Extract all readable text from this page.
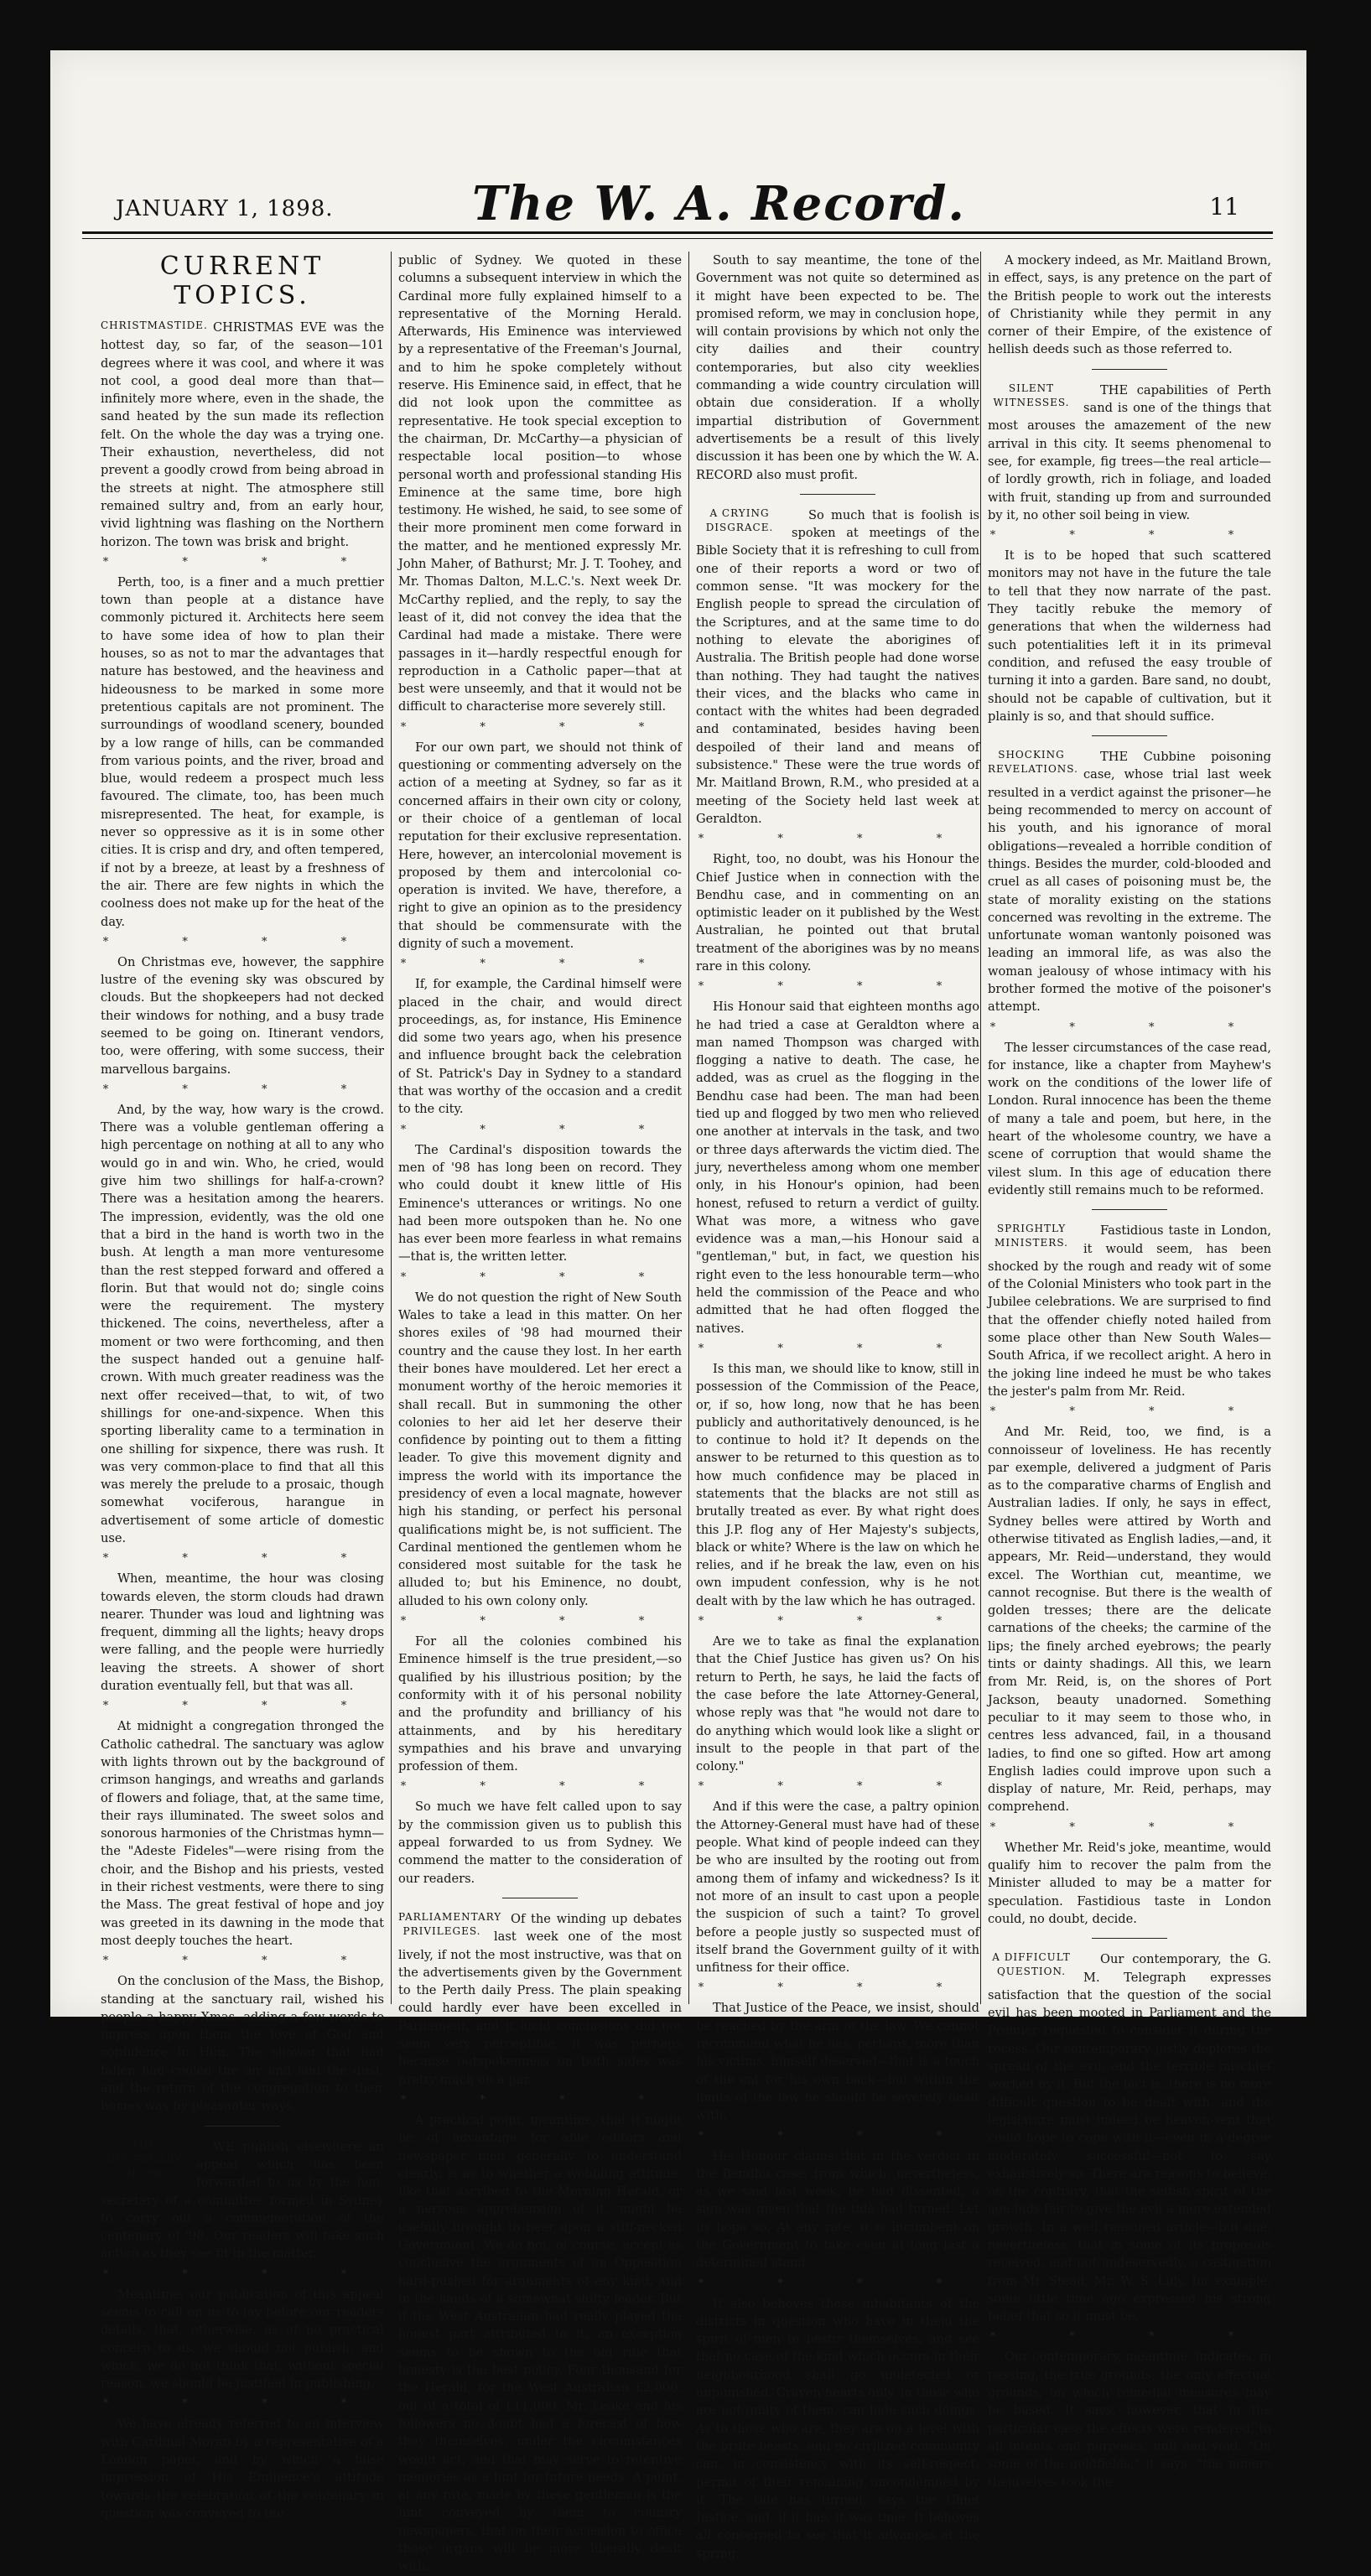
JANUARY 1, 1898.	The W. A. Record.	11
CURRENT TOPICS.
CHRISTMASTIDE. CHRISTMAS EVE was the hottest day, so far, of the season—101 degrees where it was cool, and where it was not cool, a good deal more than that—infinitely more where, even in the shade, the sand heated by the sun made its reflection felt. On the whole the day was a trying one. Their exhaustion, nevertheless, did not prevent a goodly crowd from being abroad in the streets at night. The atmosphere still remained sultry and, from an early hour, vivid lightning was flashing on the Northern horizon. The town was brisk and bright.

* * * *

Perth, too, is a finer and a much prettier town than people at a distance have commonly pictured it. Architects here seem to have some idea of how to plan their houses, so as not to mar the advantages that nature has bestowed, and the heaviness and hideousness to be marked in some more pretentious capitals are not prominent. The surroundings of woodland scenery, bounded by a low range of hills, can be commanded from various points, and the river, broad and blue, would redeem a prospect much less favoured. The climate, too, has been much misrepresented. The heat, for example, is never so oppressive as it is in some other cities. It is crisp and dry, and often tempered, if not by a breeze, at least by a freshness of the air. There are few nights in which the coolness does not make up for the heat of the day.

* * * *

On Christmas eve, however, the sapphire lustre of the evening sky was obscured by clouds. But the shopkeepers had not decked their windows for nothing, and a busy trade seemed to be going on. Itinerant vendors, too, were offering, with some success, their marvellous bargains.

* * * *

And, by the way, how wary is the crowd. There was a voluble gentleman offering a high percentage on nothing at all to any who would go in and win. Who, he cried, would give him two shillings for half-a-crown? There was a hesitation among the hearers. The impression, evidently, was the old one that a bird in the hand is worth two in the bush. At length a man more venturesome than the rest stepped forward and offered a florin. But that would not do; single coins were the requirement. The mystery thickened. The coins, nevertheless, after a moment or two were forthcoming, and then the suspect handed out a genuine half-crown. With much greater readiness was the next offer received—that, to wit, of two shillings for one-and-sixpence. When this sporting liberality came to a termination in one shilling for sixpence, there was rush. It was very common-place to find that all this was merely the prelude to a prosaic, though somewhat vociferous, harangue in advertisement of some article of domestic use.

* * * *

When, meantime, the hour was closing towards eleven, the storm clouds had drawn nearer. Thunder was loud and lightning was frequent, dimming all the lights; heavy drops were falling, and the people were hurriedly leaving the streets. A shower of short duration eventually fell, but that was all.

* * * *

At midnight a congregation thronged the Catholic cathedral. The sanctuary was aglow with lights thrown out by the background of crimson hangings, and wreaths and garlands of flowers and foliage, that, at the same time, their rays illuminated. The sweet solos and sonorous harmonies of the Christmas hymn—the "Adeste Fideles"—were rising from the choir, and the Bishop and his priests, vested in their richest vestments, were there to sing the Mass. The great festival of hope and joy was greeted in its dawning in the mode that most deeply touches the heart.

* * * *

On the conclusion of the Mass, the Bishop, standing at the sanctuary rail, wished his people a happy Xmas, adding a few words to impress upon them the love of God and confidence in Him. The shower that had fallen had cooled the air and laid the dust, and the return of the congregation to their homes was by pleasanter ways.

THE CENTENARY OF '98.

WE publish elsewhere an appeal which has been forwarded to us by the hon. secretary of a committee formed in Sydney to carry out a commemoration of the centenary of '98. Our readers will take such action as they see fit in the matter.

* * * *

Meantime, our publication of this appeal seems to call on us to lay before our readers details, that, otherwise, as of no practical concern to us, we should not publish, and which, we do not think that, without special reason, we should be justified in publishing.

* * * *

We have already referred to an interview with Cardinal Moran by a representative of a London paper, and by which a false impression of His Eminence's attitude towards the celebration of the centenary in question was conveyed to the

public of Sydney. We quoted in these columns a subsequent interview in which the Cardinal more fully explained himself to a representative of the Morning Herald. Afterwards, His Eminence was interviewed by a representative of the Freeman's Journal, and to him he spoke completely without reserve. His Eminence said, in effect, that he did not look upon the committee as representative. He took special exception to the chairman, Dr. McCarthy—a physician of respectable local position—to whose personal worth and professional standing His Eminence at the same time, bore high testimony. He wished, he said, to see some of their more prominent men come forward in the matter, and he mentioned expressly Mr. John Maher, of Bathurst; Mr. J. T. Toohey, and Mr. Thomas Dalton, M.L.C.'s. Next week Dr. McCarthy replied, and the reply, to say the least of it, did not convey the idea that the Cardinal had made a mistake. There were passages in it—hardly respectful enough for reproduction in a Catholic paper—that at best were unseemly, and that it would not be difficult to characterise more severely still.

* * * *

For our own part, we should not think of questioning or commenting adversely on the action of a meeting at Sydney, so far as it concerned affairs in their own city or colony, or their choice of a gentleman of local reputation for their exclusive representation. Here, however, an intercolonial movement is proposed by them and intercolonial co-operation is invited. We have, therefore, a right to give an opinion as to the presidency that should be commensurate with the dignity of such a movement.

* * * *

If, for example, the Cardinal himself were placed in the chair, and would direct proceedings, as, for instance, His Eminence did some two years ago, when his presence and influence brought back the celebration of St. Patrick's Day in Sydney to a standard that was worthy of the occasion and a credit to the city.

* * * *

The Cardinal's disposition towards the men of '98 has long been on record. They who could doubt it knew little of His Eminence's utterances or writings. No one had been more outspoken than he. No one has ever been more fearless in what remains—that is, the written letter.

* * * *

We do not question the right of New South Wales to take a lead in this matter. On her shores exiles of '98 had mourned their country and the cause they lost. In her earth their bones have mouldered. Let her erect a monument worthy of the heroic memories it shall recall. But in summoning the other colonies to her aid let her deserve their confidence by pointing out to them a fitting leader. To give this movement dignity and impress the world with its importance the presidency of even a local magnate, however high his standing, or perfect his personal qualifications might be, is not sufficient. The Cardinal mentioned the gentlemen whom he considered most suitable for the task he alluded to; but his Eminence, no doubt, alluded to his own colony only.

* * * *

For all the colonies combined his Eminence himself is the true president,—so qualified by his illustrious position; by the conformity with it of his personal nobility and the profundity and brilliancy of his attainments, and by his hereditary sympathies and his brave and unvarying profession of them.

* * * *

So much we have felt called upon to say by the commission given us to publish this appeal forwarded to us from Sydney. We commend the matter to the consideration of our readers.

PARLIAMENTARY PRIVILEGES.

Of the winding up debates last week one of the most lively, if not the most instructive, was that on the advertisements given by the Government to the Perth daily Press. The plain speaking could hardly ever have been excelled in Parliament, and if lucid conclusions did not seem very perceptible, it was perhaps because outspokenness on both sides was pretty much on a par.

* * * *

A practical point, meantime, that it might be of advantage for able editors and newspaper men generally to understand clearly, is as to whether a wobbling attitude, like that ascribed to the Morning Herald, or a nervous apprehension of it, might be usefully brought to bear upon a stiff-necked Government. We do not, of course, accept as conclusive the arguments of an Opposition hard-pushed for arguments of any kind, and in the hands of a somewhat shifty leader. But if the West Australian had really played the honest part attributed to it, an exception seems to be shown to the old rule that honesty is the best policy. Four thousand for the Herald; for the West Australian £2,000, out of a total of £11,000. Mr. Leake and his followers no doubt had a forecast of how they themselves, under the circumstances would act, and that may serve to retentive memories as a hint for future needs. A point, at any rate, made by these gentleman is the hint conveyed by them to country newspapers, that on their accession to office those organs will be more liberally dealt with.

South to say meantime, the tone of the Government was not quite so determined as it might have been expected to be. The promised reform, we may in conclusion hope, will contain provisions by which not only the city dailies and their country contemporaries, but also city weeklies commanding a wide country circulation will obtain due consideration. If a wholly impartial distribution of Government advertisements be a result of this lively discussion it has been one by which the W. A. RECORD also must profit.

A CRYING DISGRACE.

So much that is foolish is spoken at meetings of the Bible Society that it is refreshing to cull from one of their reports a word or two of common sense. "It was mockery for the English people to spread the circulation of the Scriptures, and at the same time to do nothing to elevate the aborigines of Australia. The British people had done worse than nothing. They had taught the natives their vices, and the blacks who came in contact with the whites had been degraded and contaminated, besides having been despoiled of their land and means of subsistence." These were the true words of Mr. Maitland Brown, R.M., who presided at a meeting of the Society held last week at Geraldton.

* * * *

Right, too, no doubt, was his Honour the Chief Justice when in connection with the Bendhu case, and in commenting on an optimistic leader on it published by the West Australian, he pointed out that brutal treatment of the aborigines was by no means rare in this colony.

* * * *

His Honour said that eighteen months ago he had tried a case at Geraldton where a man named Thompson was charged with flogging a native to death. The case, he added, was as cruel as the flogging in the Bendhu case had been. The man had been tied up and flogged by two men who relieved one another at intervals in the task, and two or three days afterwards the victim died. The jury, nevertheless among whom one member only, in his Honour's opinion, had been honest, refused to return a verdict of guilty. What was more, a witness who gave evidence was a man,—his Honour said a "gentleman," but, in fact, we question his right even to the less honourable term—who held the commission of the Peace and who admitted that he had often flogged the natives.

* * * *

Is this man, we should like to know, still in possession of the Commission of the Peace, or, if so, how long, now that he has been publicly and authoritatively denounced, is he to continue to hold it? It depends on the answer to be returned to this question as to how much confidence may be placed in statements that the blacks are not still as brutally treated as ever. By what right does this J.P. flog any of Her Majesty's subjects, black or white? Where is the law on which he relies, and if he break the law, even on his own impudent confession, why is he not dealt with by the law which he has outraged.

* * * *

Are we to take as final the explanation that the Chief Justice has given us? On his return to Perth, he says, he laid the facts of the case before the late Attorney-General, whose reply was that "he would not dare to do anything which would look like a slight or insult to the people in that part of the colony."

* * * *

And if this were the case, a paltry opinion the Attorney-General must have had of these people. What kind of people indeed can they be who are insulted by the rooting out from among them of infamy and wickedness? Is it not more of an insult to cast upon a people the suspicion of such a taint? To grovel before a people justly so suspected must of itself brand the Government guilty of it with unfitness for their office.

* * * *

That Justice of the Peace, we insist, should be reached by the arm of the law. We cannot recommend what he has, perhaps, more than his victims, himself deserved—that is a touch of the cat for his own back—but within the limits of the law he should be severely dealt with.

* * * *

His Honour claims that in the verdict in the Bendhu case, from which, nevertheless, as we said last week, he had dissented, a sign was given that the tide had turned. Let us hope so. At any rate, it is incumbent on the Government to take even at long last a determined stand.

* * * *

It also behoves those inhabitants of the districts in question who have in them the spirit of men to bestir themselves, and see that no case of the kind which occurs in their neighbourhood shall go undetected or unpunished. Craven hearts only, in those who are not guilty of them, can hide such doings. As to those who are, they are on a level with the brute beasts, and no civilized community can, in consistency with its self-respect, permit of their remaining uncondemned by it. The tide has turned, says the Chief Justice, and, if it has, it was time. It behoves all concerned to see that it advances at the spring.

A mockery indeed, as Mr. Maitland Brown, in effect, says, is any pretence on the part of the British people to work out the interests of Christianity while they permit in any corner of their Empire, of the existence of hellish deeds such as those referred to.

SILENT WITNESSES.

THE capabilities of Perth sand is one of the things that most arouses the amazement of the new arrival in this city. It seems phenomenal to see, for example, fig trees—the real article—of lordly growth, rich in foliage, and loaded with fruit, standing up from and surrounded by it, no other soil being in view.

* * * *

It is to be hoped that such scattered monitors may not have in the future the tale to tell that they now narrate of the past. They tacitly rebuke the memory of generations that when the wilderness had such potentialities left it in its primeval condition, and refused the easy trouble of turning it into a garden. Bare sand, no doubt, should not be capable of cultivation, but it plainly is so, and that should suffice.

SHOCKING REVELATIONS.

THE Cubbine poisoning case, whose trial last week resulted in a verdict against the prisoner—he being recommended to mercy on account of his youth, and his ignorance of moral obligations—revealed a horrible condition of things. Besides the murder, cold-blooded and cruel as all cases of poisoning must be, the state of morality existing on the stations concerned was revolting in the extreme. The unfortunate woman wantonly poisoned was leading an immoral life, as was also the woman jealousy of whose intimacy with his brother formed the motive of the poisoner's attempt.

* * * *

The lesser circumstances of the case read, for instance, like a chapter from Mayhew's work on the conditions of the lower life of London. Rural innocence has been the theme of many a tale and poem, but here, in the heart of the wholesome country, we have a scene of corruption that would shame the vilest slum. In this age of education there evidently still remains much to be reformed.

SPRIGHTLY MINISTERS.

Fastidious taste in London, it would seem, has been shocked by the rough and ready wit of some of the Colonial Ministers who took part in the Jubilee celebrations. We are surprised to find that the offender chiefly noted hailed from some place other than New South Wales—South Africa, if we recollect aright. A hero in the joking line indeed he must be who takes the jester's palm from Mr. Reid.

* * * *

And Mr. Reid, too, we find, is a connoisseur of loveliness. He has recently par exemple, delivered a judgment of Paris as to the comparative charms of English and Australian ladies. If only, he says in effect, Sydney belles were attired by Worth and otherwise titivated as English ladies,—and, it appears, Mr. Reid—understand, they would excel. The Worthian cut, meantime, we cannot recognise. But there is the wealth of golden tresses; there are the delicate carnations of the cheeks; the carmine of the lips; the finely arched eyebrows; the pearly tints or dainty shadings. All this, we learn from Mr. Reid, is, on the shores of Port Jackson, beauty unadorned. Something peculiar to it may seem to those who, in centres less advanced, fail, in a thousand ladies, to find one so gifted. How art among English ladies could improve upon such a display of nature, Mr. Reid, perhaps, may comprehend.

* * * *

Whether Mr. Reid's joke, meantime, would qualify him to recover the palm from the Minister alluded to may be a matter for speculation. Fastidious taste in London could, no doubt, decide.

A DIFFICULT QUESTION.

Our contemporary, the G. M. Telegraph expresses satisfaction that the question of the social evil has been mooted in Parliament and the Premier requested to consider it during the recess. Our contemporary justly deplores the spread of the evil, and the terrible mischief worked by it. But the fact is, there is no more difficult question to be dealt with, and the legislature must indeed be heaven-sent that could hope to cope with it—even in a degree moderately successful—not to say exhaustively so. There are reasons to believe, on the contrary, that the selfish spirit of the age bids fair to give the evil a more extended growth. In a well reasoned article—but one, nevertheless, that in some of its proposals received, and not undeservedly, a castigation from Mr. Stead, Mr. W. S. Lilly, for example, some little time ago expressed his strong belief that so it must be.

* * * *

Our contemporary, meantime, indicates, in passing, the true grounds, the only effectual grounds, on which remedial measures may be based. It says, however, that in the particular case the effects were rendered, to all intents and purposes, null and void. "On some of the goldfields," it says, "the miners themselves took the
